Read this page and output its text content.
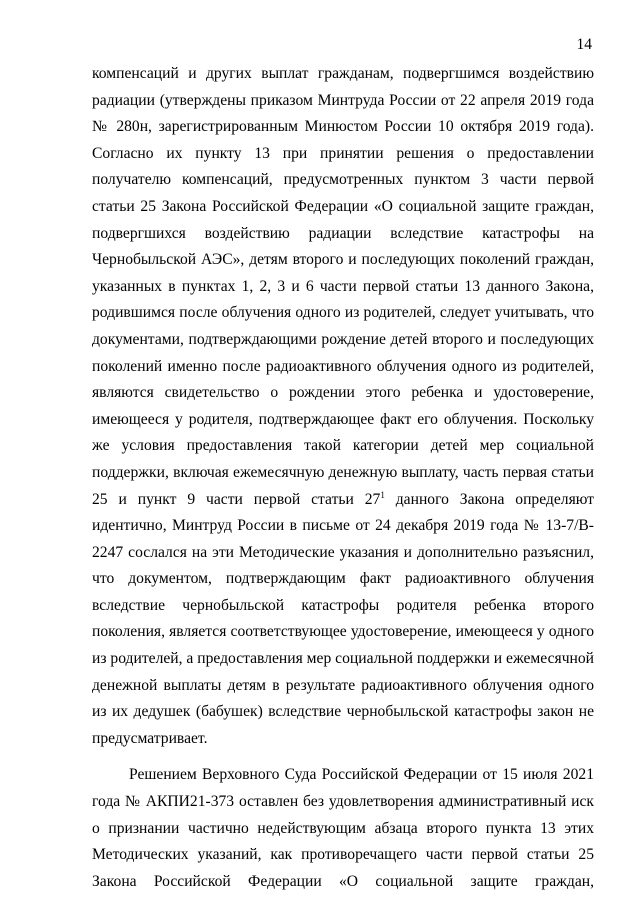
14
компенсаций и других выплат гражданам, подвергшимся воздействию
радиации (утверждены приказом Минтруда России от 22 апреля 2019 года
№ 280н, зарегистрированным Минюстом России 10 октября 2019 года).
Согласно их пункту 13 при принятии решения о предоставлении
получателю компенсаций, предусмотренных пунктом 3 части первой
статьи 25 Закона Российской Федерации «О социальной защите граждан,
подвергшихся воздействию радиации вследствие катастрофы на
Чернобыльской АЭС», детям второго и последующих поколений граждан,
указанных в пунктах 1, 2, 3 и 6 части первой статьи 13 данного Закона,
родившимся после облучения одного из родителей, следует учитывать, что
документами, подтверждающими рождение детей второго и последующих
поколений именно после радиоактивного облучения одного из родителей,
являются свидетельство о рождении этого ребенка и удостоверение,
имеющееся у родителя, подтверждающее факт его облучения. Поскольку
же условия предоставления такой категории детей мер социальной
поддержки, включая ежемесячную денежную выплату, часть первая статьи
25 и пункт 9 части первой статьи $27^1$ данного Закона определяют
идентично, Минтруд России в письме от 24 декабря 2019 года № 13-7/В-
2247 сослался на эти Методические указания и дополнительно разъяснил,
что документом, подтверждающим факт радиоактивного облучения
вследствие чернобыльской катастрофы родителя ребенка второго
поколения, является соответствующее удостоверение, имеющееся у одного
из родителей, а предоставления мер социальной поддержки и ежемесячной
денежной выплаты детям в результате радиоактивного облучения одного
из их дедушек (бабушек) вследствие чернобыльской катастрофы закон не
предусматривает.
Решением Верховного Суда Российской Федерации от 15 июля 2021
года № АКПИ21-373 оставлен без удовлетворения административный иск
о признании частично недействующим абзаца второго пункта 13 этих
Методических указаний, как противоречащего части первой статьи 25
Закона Российской Федерации «О социальной защите граждан,
